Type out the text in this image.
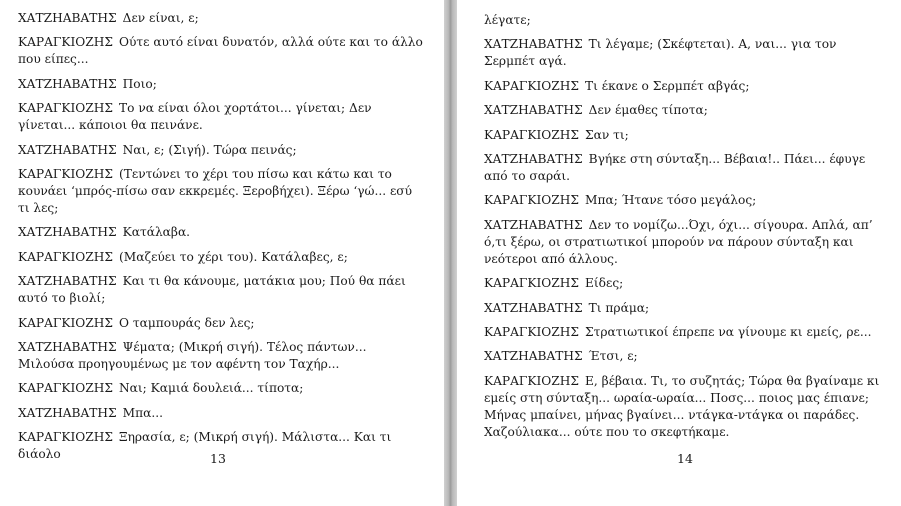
ΧΑΤΖΗΑΒΑΤΗΣ Δεν είναι, ε;

ΚΑΡΑΓΚΙΟΖΗΣ Ούτε αυτό είναι δυνατόν, αλλά ούτε και το άλλο που είπες...

ΧΑΤΖΗΑΒΑΤΗΣ Ποιο;

ΚΑΡΑΓΚΙΟΖΗΣ Το να είναι όλοι χορτάτοι... γίνεται; Δεν γίνεται... κάποιοι θα πεινάνε.

ΧΑΤΖΗΑΒΑΤΗΣ Ναι, ε; (Σιγή). Τώρα πεινάς;

ΚΑΡΑΓΚΙΟΖΗΣ (Τεντώνει το χέρι του πίσω και κάτω και το κουνάει ‘μπρός-πίσω σαν εκκρεμές. Ξεροβήχει). Ξέρω ‘γώ... εσύ τι λες;

ΧΑΤΖΗΑΒΑΤΗΣ Κατάλαβα.

ΚΑΡΑΓΚΙΟΖΗΣ (Μαζεύει το χέρι του). Κατάλαβες, ε;

ΧΑΤΖΗΑΒΑΤΗΣ Και τι θα κάνουμε, ματάκια μου; Πού θα πάει αυτό το βιολί;

ΚΑΡΑΓΚΙΟΖΗΣ Ο ταμπουράς δεν λες;

ΧΑΤΖΗΑΒΑΤΗΣ Ψέματα; (Μικρή σιγή). Τέλος πάντων... Μιλούσα προηγουμένως με τον αφέντη τον Ταχήρ...

ΚΑΡΑΓΚΙΟΖΗΣ Ναι; Καμιά δουλειά... τίποτα;

ΧΑΤΖΗΑΒΑΤΗΣ Μπα...

ΚΑΡΑΓΚΙΟΖΗΣ Ξηρασία, ε; (Μικρή σιγή). Μάλιστα... Και τι διάολο	13

λέγατε;

ΧΑΤΖΗΑΒΑΤΗΣ Τι λέγαμε; (Σκέφτεται). Α, ναι... για τον Σερμπέτ αγά.

ΚΑΡΑΓΚΙΟΖΗΣ Τι έκανε ο Σερμπέτ αβγάς;

ΧΑΤΖΗΑΒΑΤΗΣ Δεν έμαθες τίποτα;

ΚΑΡΑΓΚΙΟΖΗΣ Σαν τι;

ΧΑΤΖΗΑΒΑΤΗΣ Βγήκε στη σύνταξη... Βέβαια!.. Πάει... έφυγε από το σαράι.

ΚΑΡΑΓΚΙΟΖΗΣ Μπα; Ήτανε τόσο μεγάλος;

ΧΑΤΖΗΑΒΑΤΗΣ Δεν το νομίζω...Όχι, όχι... σίγουρα. Απλά, απ’ ό,τι ξέρω, οι στρατιωτικοί μπορούν να πάρουν σύνταξη και νεότεροι από άλλους.

ΚΑΡΑΓΚΙΟΖΗΣ Είδες;

ΧΑΤΖΗΑΒΑΤΗΣ Τι πράμα;

ΚΑΡΑΓΚΙΟΖΗΣ Στρατιωτικοί έπρεπε να γίνουμε κι εμείς, ρε...

ΧΑΤΖΗΑΒΑΤΗΣ Έτσι, ε;

ΚΑΡΑΓΚΙΟΖΗΣ Ε, βέβαια. Τι, το συζητάς; Τώρα θα βγαίναμε κι εμείς στη σύνταξη... ωραία-ωραία... Ποσς... ποιος μας έπιανε; Μήνας μπαίνει, μήνας βγαίνει... ντάγκα-ντάγκα οι παράδες. Χαζούλιακα... ούτε που το σκεφτήκαμε.

14
